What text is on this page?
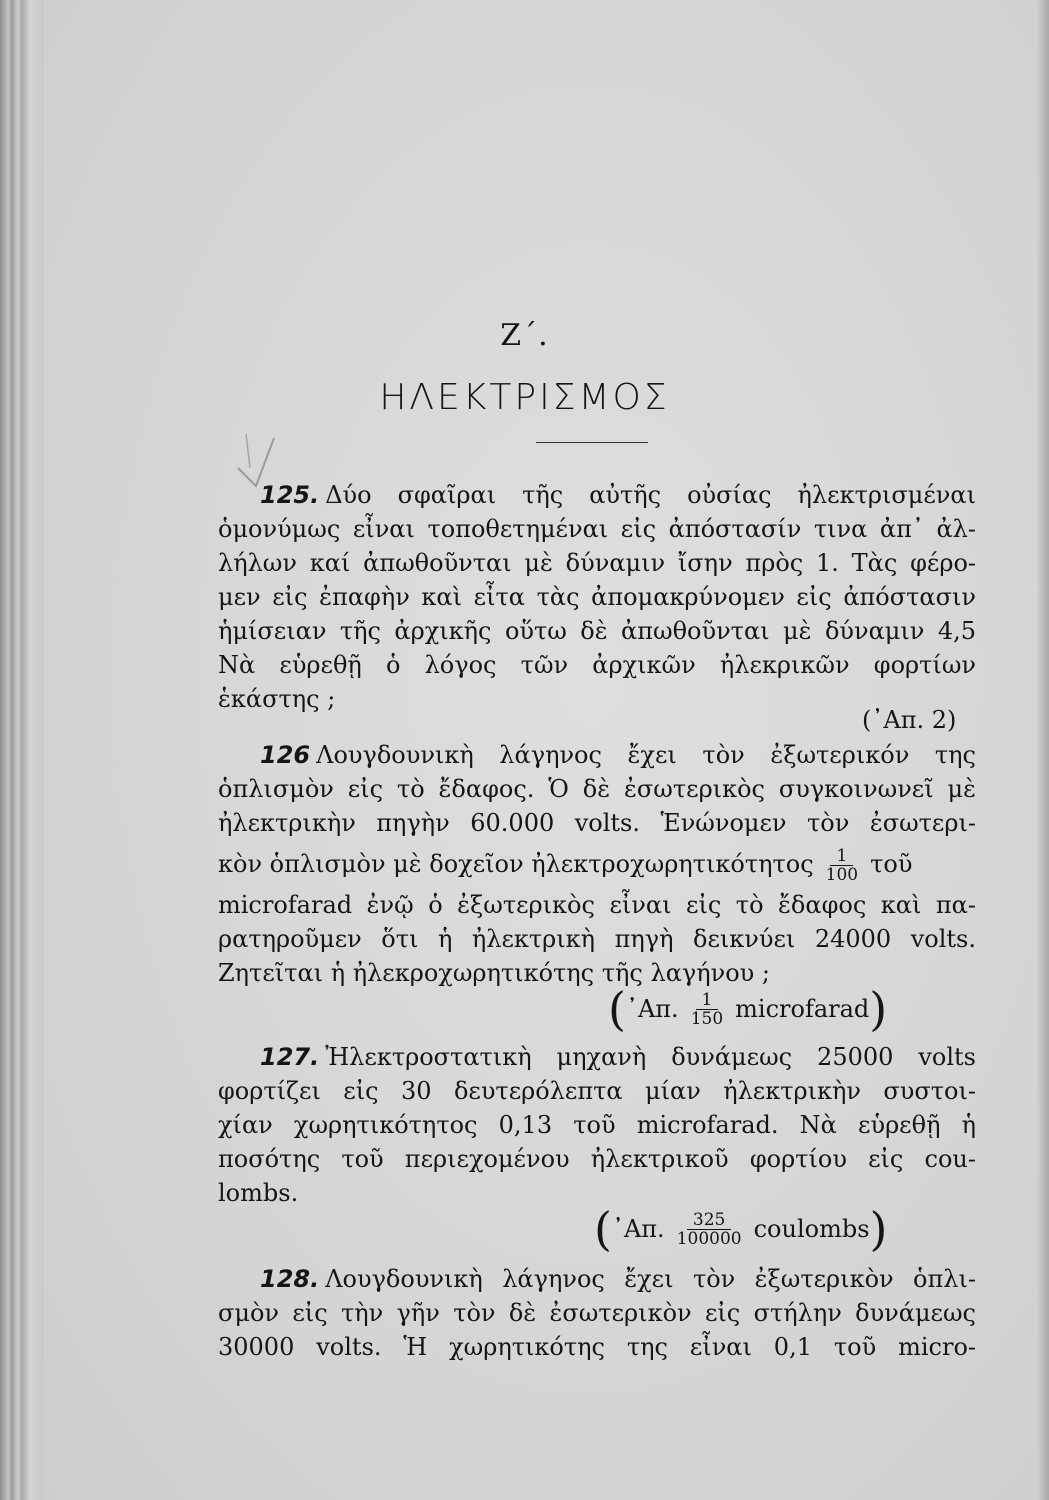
Ζ΄.
ΗΛΕΚΤΡΙΣΜΟΣ
125. Δύο σφαῖραι τῆς αὐτῆς οὐσίας ἠλεκτρισμέναι
ὁμονύμως εἶναι τοποθετημέναι εἰς ἀπόστασίν τινα ἀπ᾽ ἀλ-
λήλων καί ἀπωθοῦνται μὲ δύναμιν ἴσην πρὸς 1. Τὰς φέρο-
μεν εἰς ἐπαφὴν καὶ εἶτα τὰς ἀπομακρύνομεν εἰς ἀπόστασιν
ἡμίσειαν τῆς ἀρχικῆς οὕτω δὲ ἀπωθοῦνται μὲ δύναμιν 4,5
Νὰ εὑρεθῇ ὁ λόγος τῶν ἀρχικῶν ἠλεκρικῶν φορτίων
ἑκάστης ;
(᾽Απ. 2)
126 Λουγδουνικὴ λάγηνος ἔχει τὸν ἐξωτερικόν της
ὁπλισμὸν εἰς τὸ ἔδαφος. Ὁ δὲ ἐσωτερικὸς συγκοινωνεῖ μὲ
ἠλεκτρικὴν πηγὴν 60.000 volts. Ἑνώνομεν τὸν ἐσωτερι-
κὸν ὁπλισμὸν μὲ δοχεῖον ἠλεκτροχωρητικότητος $\frac{1}{100}$ τοῦ
microfarad ἐνῷ ὁ ἐξωτερικὸς εἶναι εἰς τὸ ἔδαφος καὶ πα-
ρατηροῦμεν ὅτι ἡ ἠλεκτρικὴ πηγὴ δεικνύει 24000 volts.
Ζητεῖται ἡ ἠλεκροχωρητικότης τῆς λαγήνου ;
( ᾽Απ. $\frac{1}{150}$ microfarad )
127. Ἠλεκτροστατικὴ μηχανὴ δυνάμεως 25000 volts
φορτίζει εἰς 30 δευτερόλεπτα μίαν ἠλεκτρικὴν συστοι-
χίαν χωρητικότητος 0,13 τοῦ microfarad. Νὰ εὑρεθῇ ἡ
ποσότης τοῦ περιεχομένου ἠλεκτρικοῦ φορτίου εἰς cou-
lombs.
( ᾽Απ. $\frac{325}{100000}$ coulombs )
128. Λουγδουνικὴ λάγηνος ἔχει τὸν ἐξωτερικὸν ὁπλι-
σμὸν εἰς τὴν γῆν τὸν δὲ ἐσωτερικὸν εἰς στήλην δυνάμεως
30000 volts. Ἡ χωρητικότης της εἶναι 0,1 τοῦ micro-
